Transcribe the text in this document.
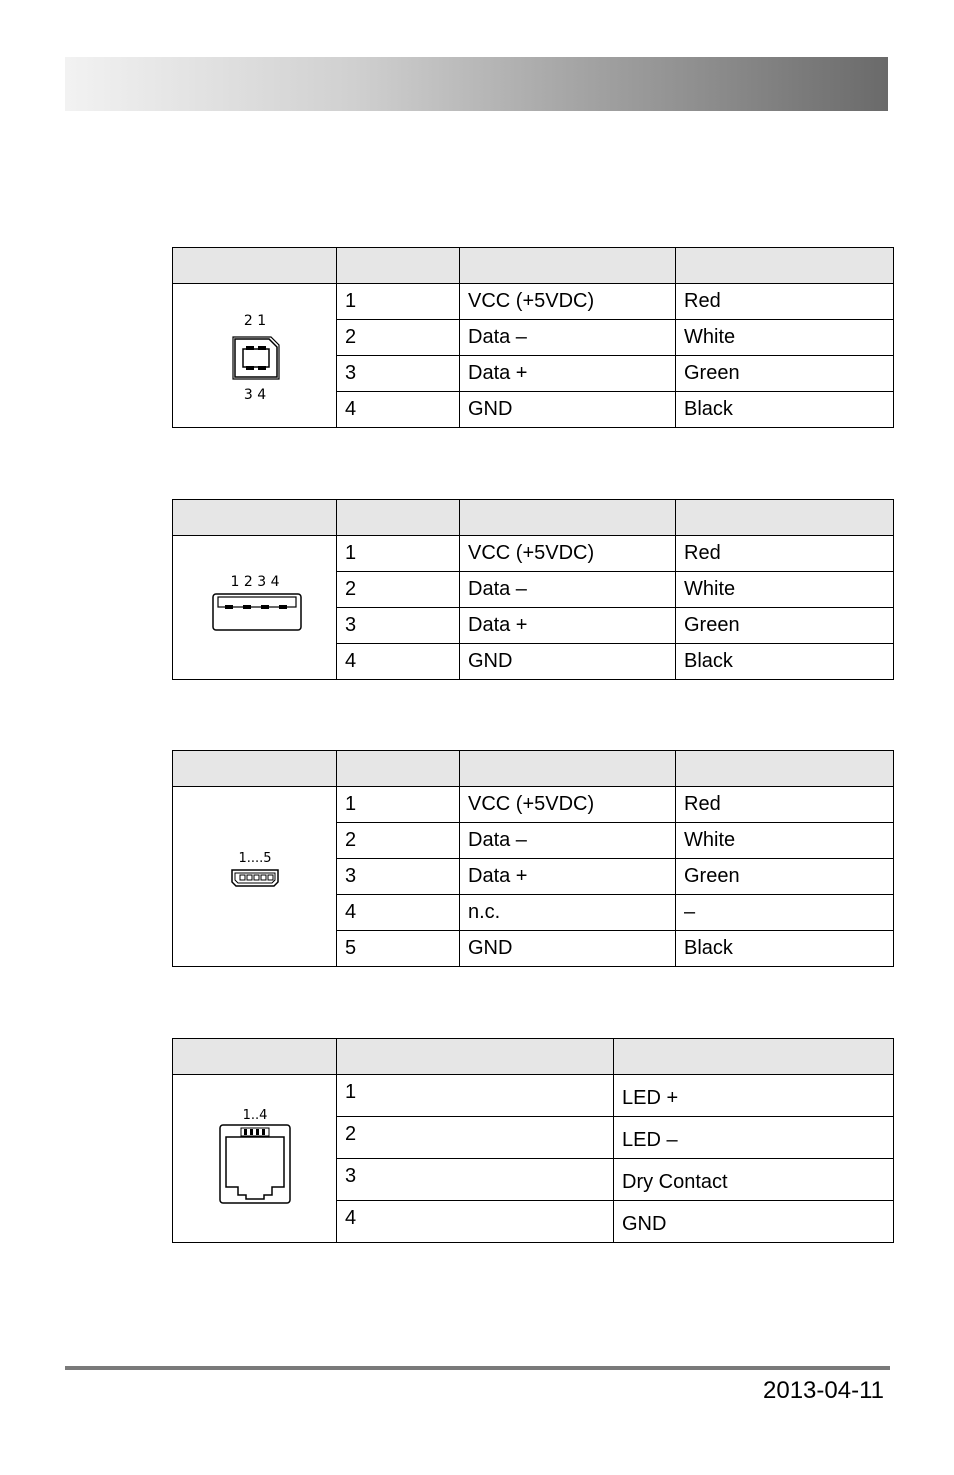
2 1
3 4	1	VCC (+5VDC)	Red
	2	Data –	White
	3	Data +	Green
	4	GND	Black

1 2 3 4	1	VCC (+5VDC)	Red
	2	Data –	White
	3	Data +	Green
	4	GND	Black

1....5	1	VCC (+5VDC)	Red
	2	Data –	White
	3	Data +	Green
	4	n.c.	–
	5	GND	Black

1..4	1	LED +
	2	LED –
	3	Dry Contact
	4	GND
2013-04-11
